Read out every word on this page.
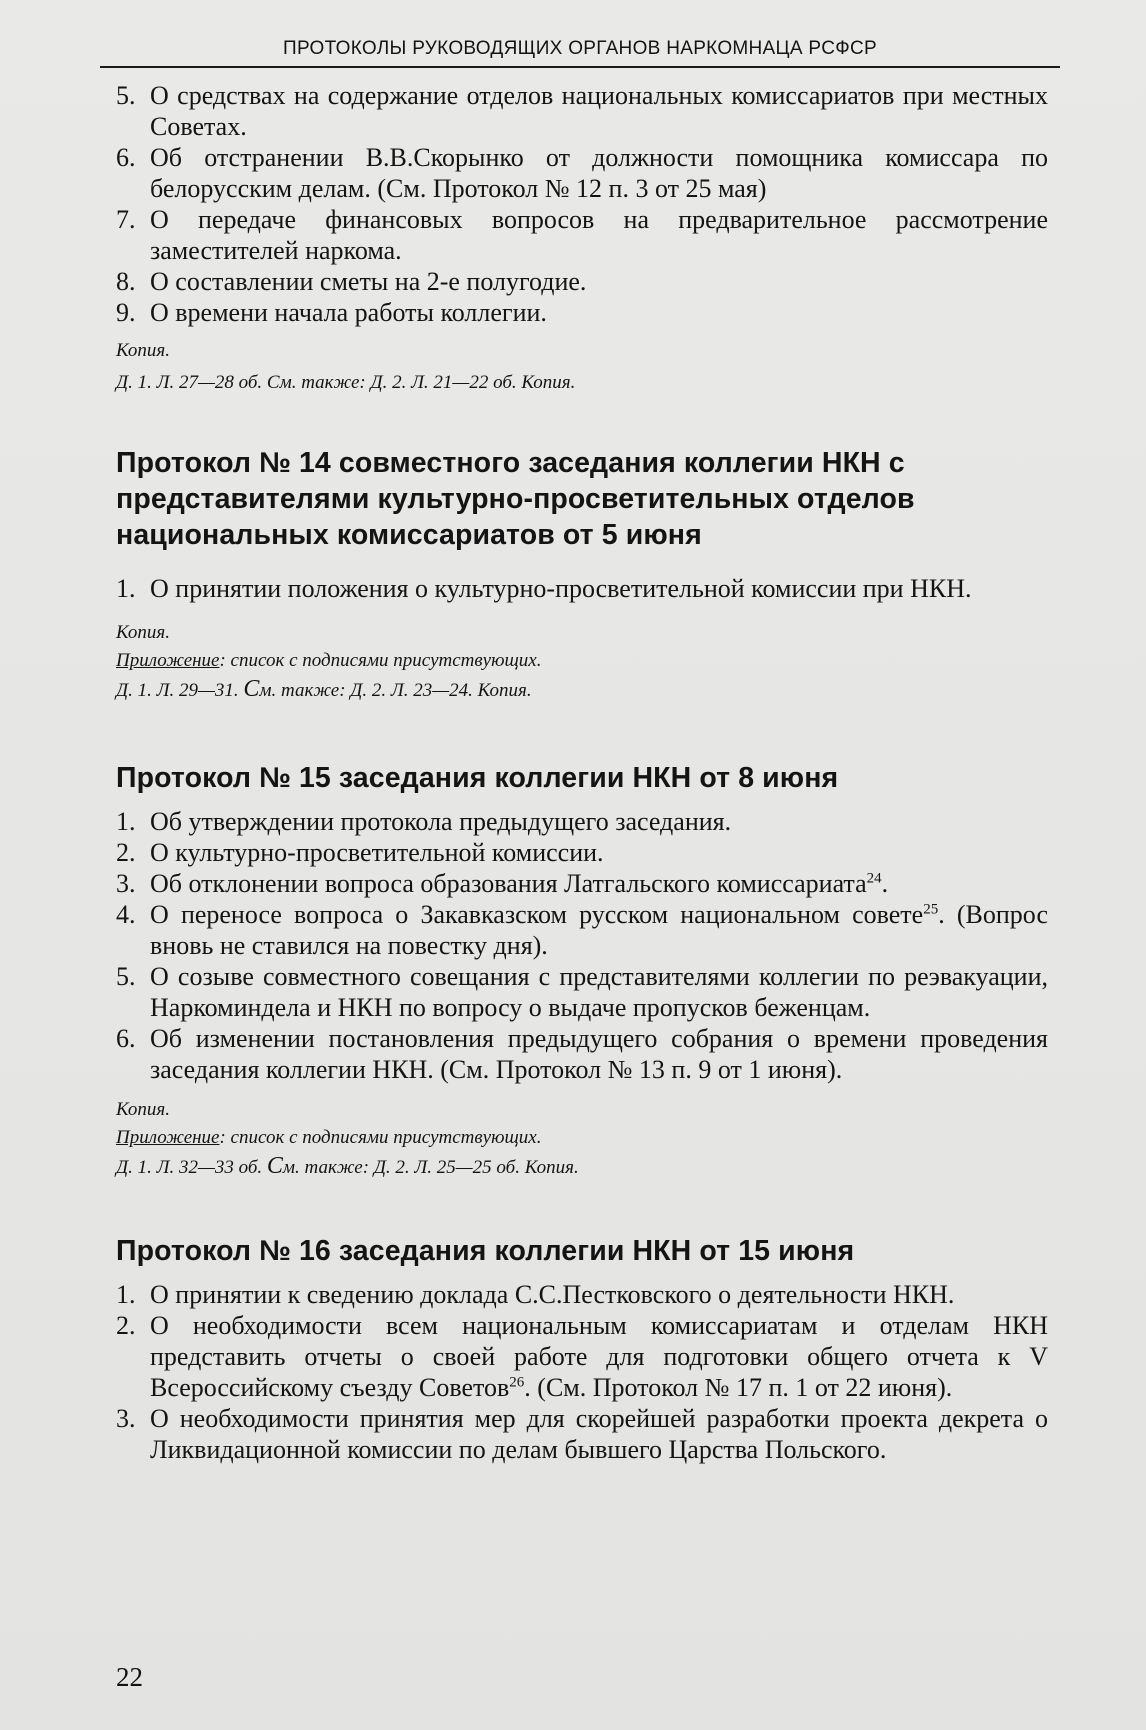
ПРОТОКОЛЫ РУКОВОДЯЩИХ ОРГАНОВ НАРКОМНАЦА РСФСР
5. О средствах на содержание отделов национальных комиссариатов при местных Советах.
6. Об отстранении В.В.Скорынко от должности помощника комиссара по белорусским делам. (См. Протокол № 12 п. 3 от 25 мая)
7. О передаче финансовых вопросов на предварительное рассмотрение заместителей наркома.
8. О составлении сметы на 2-е полугодие.
9. О времени начала работы коллегии.

Копия.

Д. 1. Л. 27—28 об. См. также: Д. 2. Л. 21—22 об. Копия.

Протокол № 14 совместного заседания коллегии НКН с представителями культурно-просветительных отделов национальных комиссариатов от 5 июня
1. О принятии положения о культурно-просветительной комиссии при НКН.

Копия.

Приложение: список с подписями присутствующих.

Д. 1. Л. 29—31. См. также: Д. 2. Л. 23—24. Копия.

Протокол № 15 заседания коллегии НКН от 8 июня
1. Об утверждении протокола предыдущего заседания.
2. О культурно-просветительной комиссии.
3. Об отклонении вопроса образования Латгальского комиссариата$^{24}$.
4. О переносе вопроса о Закавказском русском национальном совете$^{25}$. (Вопрос вновь не ставился на повестку дня).
5. О созыве совместного совещания с представителями коллегии по реэвакуации, Наркоминдела и НКН по вопросу о выдаче пропусков беженцам.
6. Об изменении постановления предыдущего собрания о времени проведения заседания коллегии НКН. (См. Протокол № 13 п. 9 от 1 июня).

Копия.

Приложение: список с подписями присутствующих.

Д. 1. Л. 32—33 об. См. также: Д. 2. Л. 25—25 об. Копия.

Протокол № 16 заседания коллегии НКН от 15 июня
1. О принятии к сведению доклада С.С.Пестковского о деятельности НКН.
2. О необходимости всем национальным комиссариатам и отделам НКН представить отчеты о своей работе для подготовки общего отчета к V Всероссийскому съезду Советов$^{26}$. (См. Протокол № 17 п. 1 от 22 июня).
3. О необходимости принятия мер для скорейшей разработки проекта декрета о Ликвидационной комиссии по делам бывшего Царства Польского.
22
